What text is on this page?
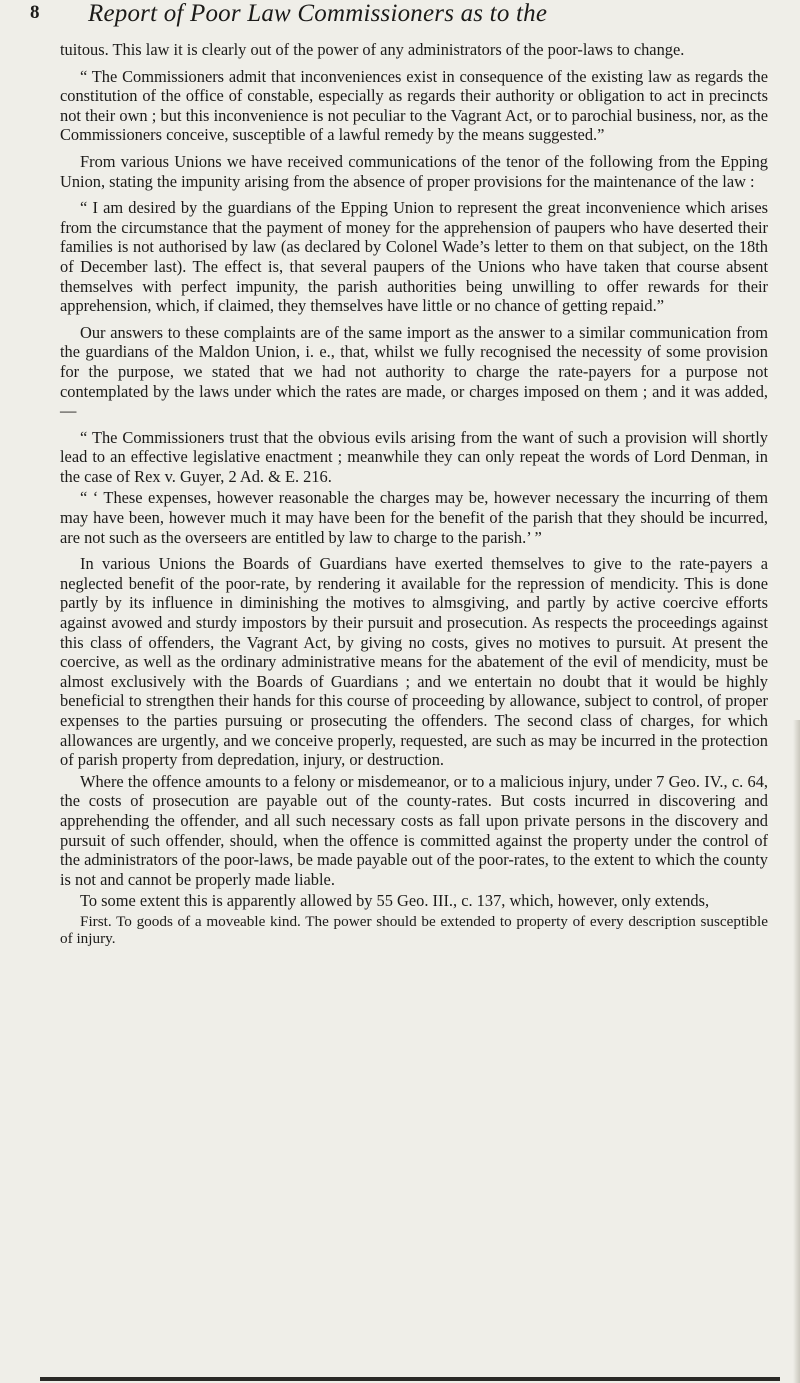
8 Report of Poor Law Commissioners as to the

tuitous. This law it is clearly out of the power of any administrators of the poor-laws to change.

“ The Commissioners admit that inconveniences exist in consequence of the existing law as regards the constitution of the office of constable, especially as regards their authority or obligation to act in precincts not their own ; but this inconvenience is not peculiar to the Vagrant Act, or to parochial business, nor, as the Commissioners conceive, susceptible of a lawful remedy by the means suggested.”

From various Unions we have received communications of the tenor of the following from the Epping Union, stating the impunity arising from the absence of proper provisions for the maintenance of the law :

“ I am desired by the guardians of the Epping Union to represent the great inconvenience which arises from the circumstance that the payment of money for the apprehension of paupers who have deserted their families is not authorised by law (as declared by Colonel Wade’s letter to them on that subject, on the 18th of December last). The effect is, that several paupers of the Unions who have taken that course absent themselves with perfect impunity, the parish authorities being unwilling to offer rewards for their apprehension, which, if claimed, they themselves have little or no chance of getting repaid.”

Our answers to these complaints are of the same import as the answer to a similar communication from the guardians of the Maldon Union, i. e., that, whilst we fully recognised the necessity of some provision for the purpose, we stated that we had not authority to charge the rate-payers for a purpose not contemplated by the laws under which the rates are made, or charges imposed on them ; and it was added,—

“ The Commissioners trust that the obvious evils arising from the want of such a provision will shortly lead to an effective legislative enactment ; meanwhile they can only repeat the words of Lord Denman, in the case of Rex v. Guyer, 2 Ad. & E. 216.

“ ‘ These expenses, however reasonable the charges may be, however necessary the incurring of them may have been, however much it may have been for the benefit of the parish that they should be incurred, are not such as the overseers are entitled by law to charge to the parish.’ ”

In various Unions the Boards of Guardians have exerted themselves to give to the rate-payers a neglected benefit of the poor-rate, by rendering it available for the repression of mendicity. This is done partly by its influence in diminishing the motives to almsgiving, and partly by active coercive efforts against avowed and sturdy impostors by their pursuit and prosecution. As respects the proceedings against this class of offenders, the Vagrant Act, by giving no costs, gives no motives to pursuit. At present the coercive, as well as the ordinary administrative means for the abatement of the evil of mendicity, must be almost exclusively with the Boards of Guardians ; and we entertain no doubt that it would be highly beneficial to strengthen their hands for this course of proceeding by allowance, subject to control, of proper expenses to the parties pursuing or prosecuting the offenders. The second class of charges, for which allowances are urgently, and we conceive properly, requested, are such as may be incurred in the protection of parish property from depredation, injury, or destruction.

Where the offence amounts to a felony or misdemeanor, or to a malicious injury, under 7 Geo. IV., c. 64, the costs of prosecution are payable out of the county-rates. But costs incurred in discovering and apprehending the offender, and all such necessary costs as fall upon private persons in the discovery and pursuit of such offender, should, when the offence is committed against the property under the control of the administrators of the poor-laws, be made payable out of the poor-rates, to the extent to which the county is not and cannot be properly made liable.

To some extent this is apparently allowed by 55 Geo. III., c. 137, which, however, only extends,

First. To goods of a moveable kind. The power should be extended to property of every description susceptible of injury.
